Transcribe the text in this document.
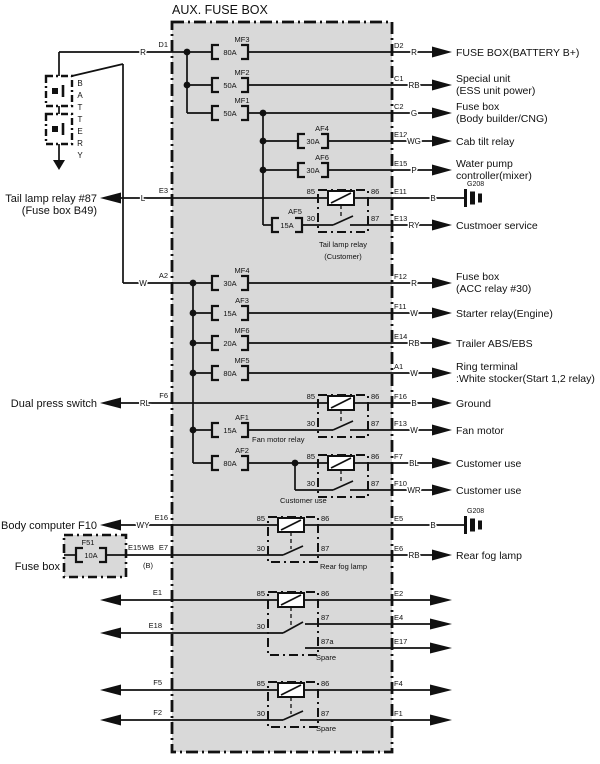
AUX. FUSE BOX
B
A
T
T
E
R
Y
80A
MF3
50A
MF2
50A
MF1
30A
AF4
30A
AF6
15A
AF5
30A
MF4
15A
AF3
20A
MF6
80A
MF5
15A
AF1
80A
AF2
Tail lamp relay #87
(Fuse box B49)
L
E3
R
D1
W
A2
Dual press switch	RL
F6
Body computer F10	WY
E16
Fuse box
10A
F51
E15 WB
(B)
E7
85	86
30	87
Tail lamp relay
(Customer)
85	86
30	87
Fan motor relay
85	86
30	87
Customer use
85	86
30	87
Rear fog lamp
85	86
30
87
87a
Spare
E1
E18
E2
E4
E17
85	86
30	87
Spare
F5
F2
F4
F1
D2
R	FUSE BOX(BATTERY B+)
C1
RB
Special unit
(ESS unit power)
C2
G
Fuse box
(Body builder/CNG)
E12
WG	Cab tilt relay
E15
P
Water pump
controller(mixer)
E11
B
G208
E13
RY	Custmoer service
F12
R
Fuse box
(ACC relay #30)
F11
W	Starter relay(Engine)
E14
RB	Trailer ABS/EBS
A1
W
Ring terminal
:White stocker(Start 1,2 relay)
F16
B	Ground
F13
W	Fan motor
F7
BL	Customer use
F10
WR	Customer use
E5
B
G208
E6
RB	Rear fog lamp
